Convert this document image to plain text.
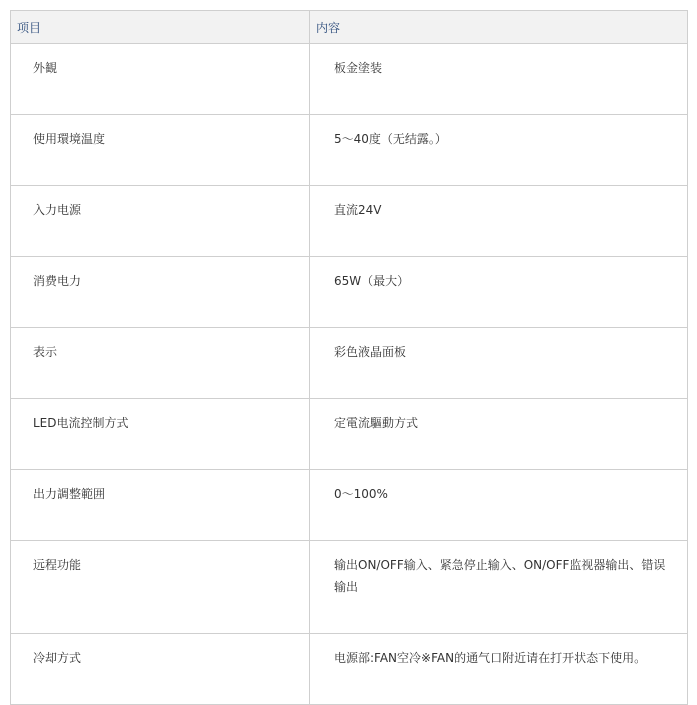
项目	内容
外観	板金塗装
使用環境温度	5～40度（无结露。）
入力电源	直流24V
消费电力	65W（最大）
表示	彩色液晶面板
LED电流控制方式	定電流驅動方式
出力調整範囲	0～100%
远程功能	输出ON/OFF输入、紧急停止输入、ON/OFF监视器输出、错误输出
冷却方式	电源部:FAN空冷※FAN的通气口附近请在打开状态下使用。
